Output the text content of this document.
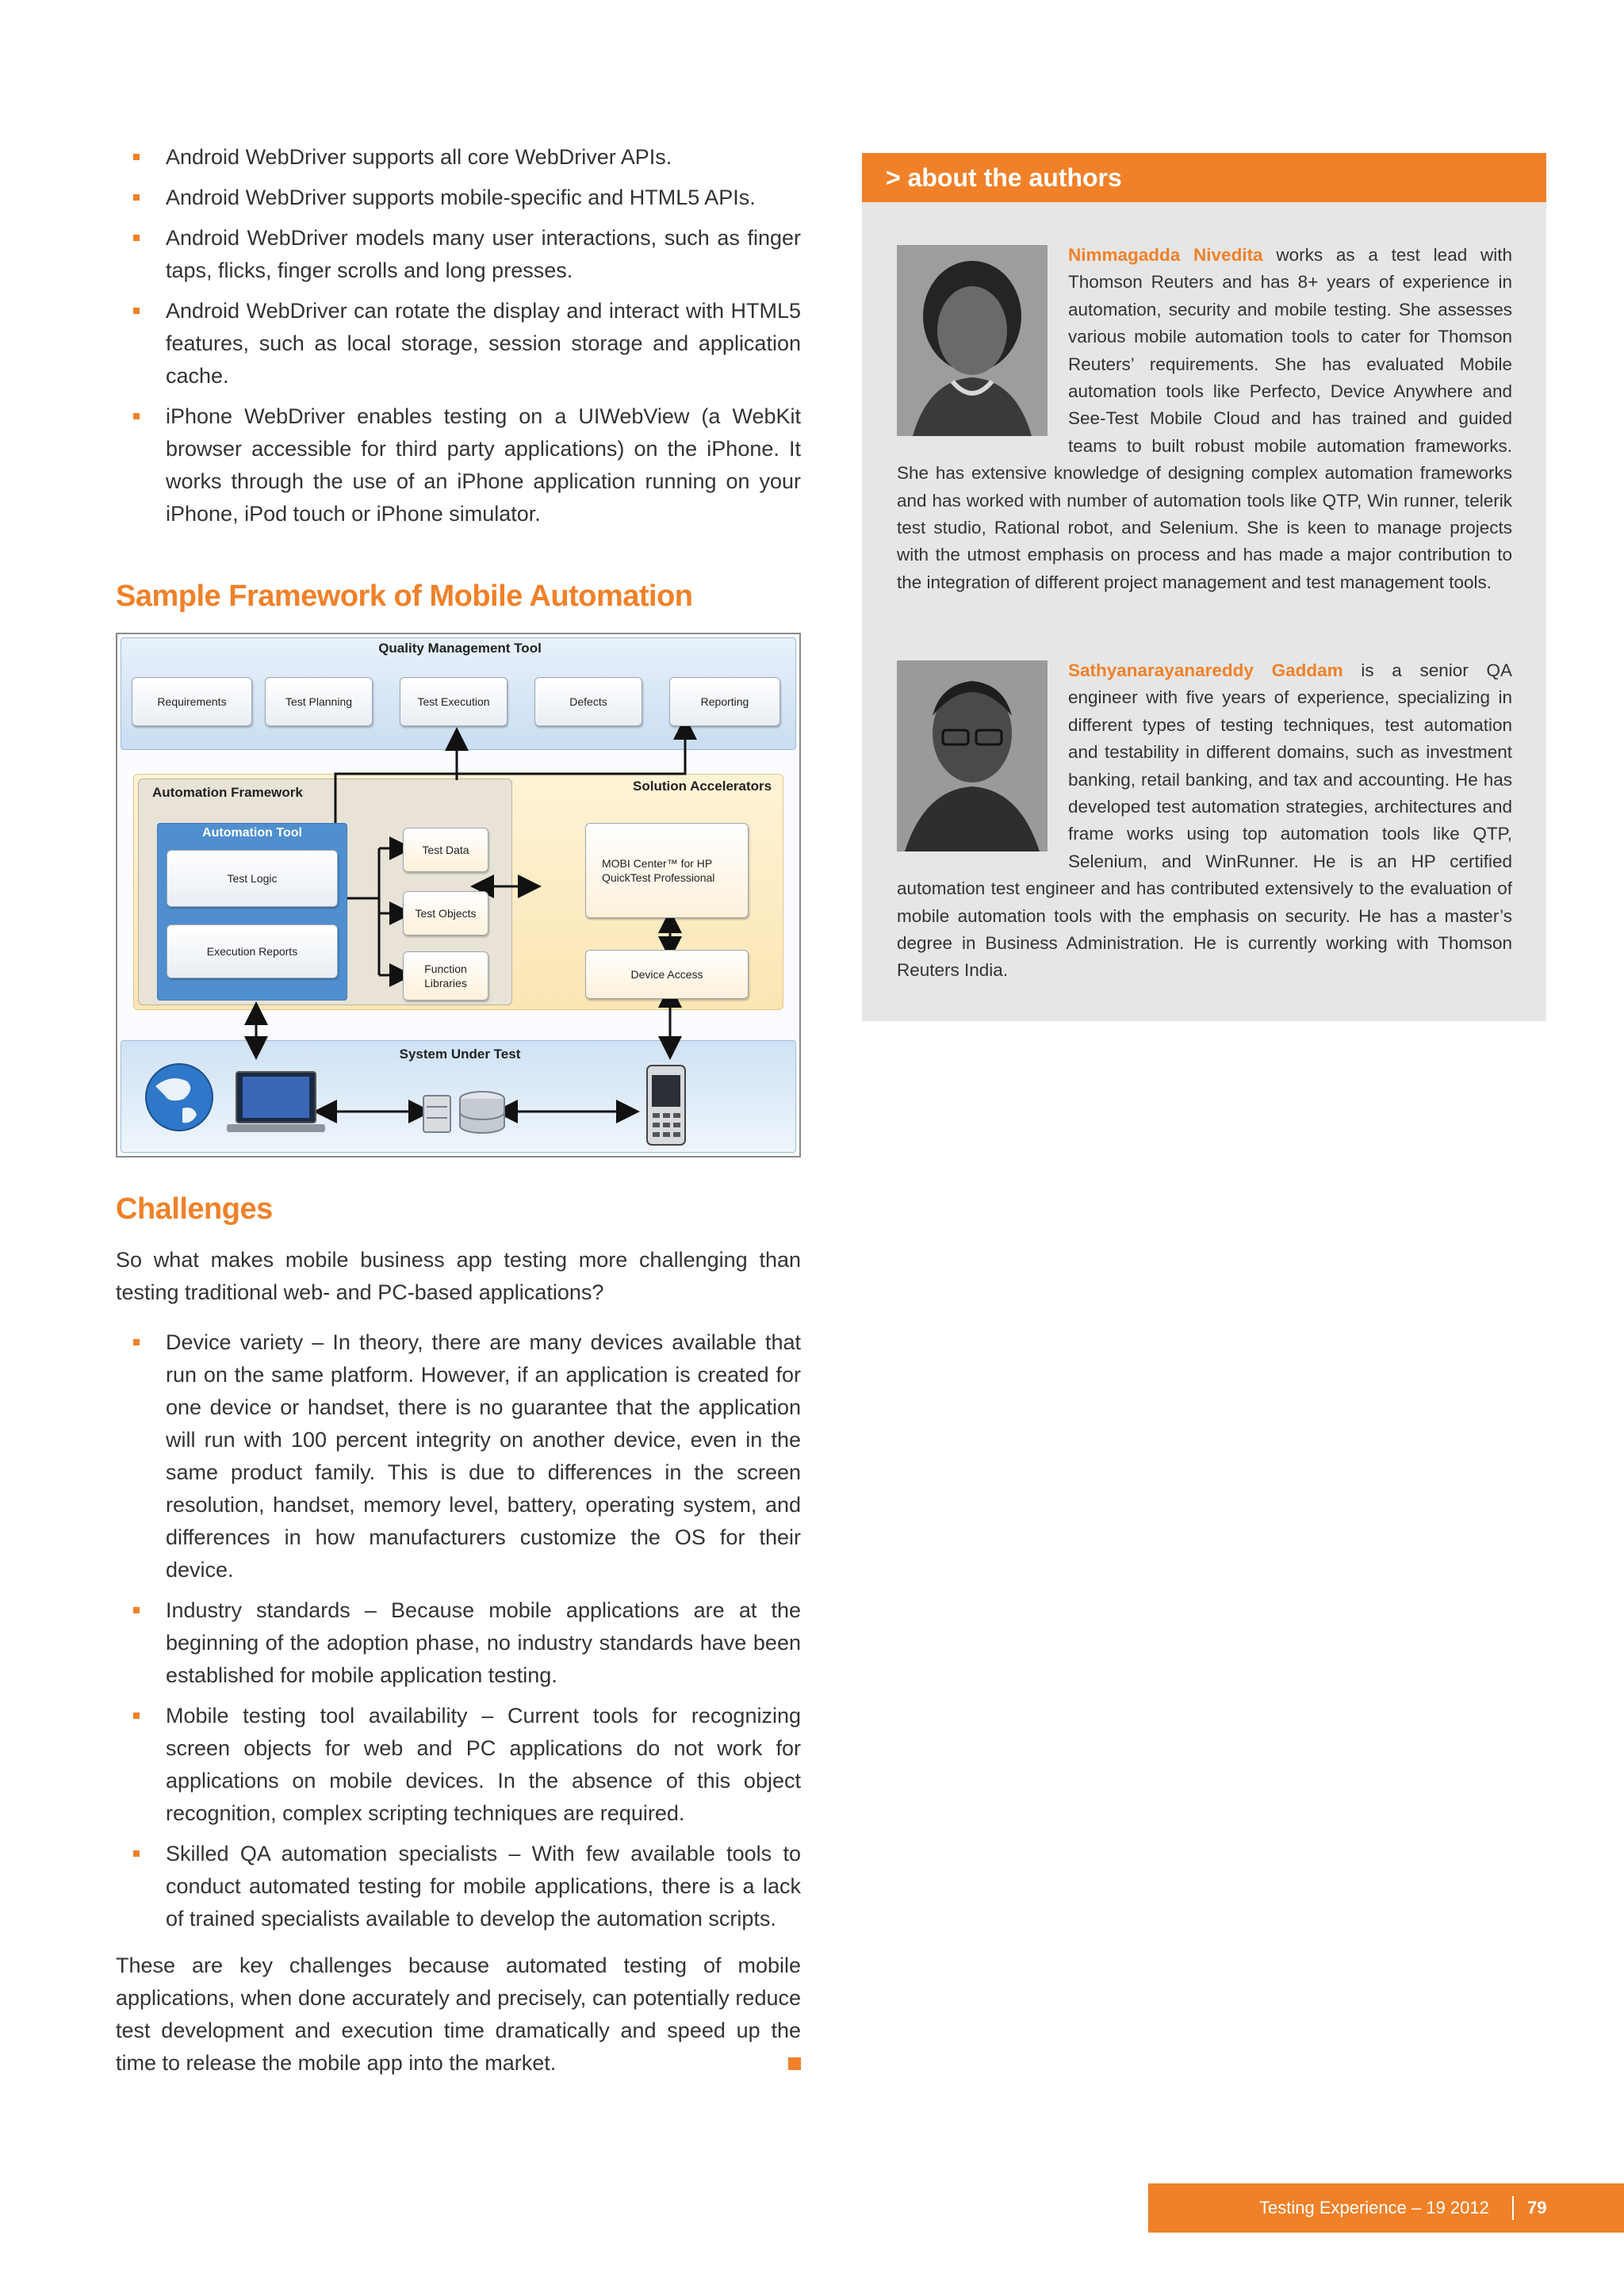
Android WebDriver supports all core WebDriver APIs.
Android WebDriver supports mobile-specific and HTML5 APIs.
Android WebDriver models many user interactions, such as finger taps, flicks, finger scrolls and long presses.
Android WebDriver can rotate the display and interact with HTML5 features, such as local storage, session storage and application cache.
iPhone WebDriver enables testing on a UIWebView (a WebKit browser accessible for third party applications) on the iPhone. It works through the use of an iPhone application running on your iPhone, iPod touch or iPhone simulator.
Sample Framework of Mobile Automation
Quality Management Tool
Requirements	Test Planning	Test Execution	Defects	Reporting
Automation Framework	Solution Accelerators
Automation Tool
Test Logic
Execution Reports
Test Data
Test Objects
Function Libraries
MOBI Center™ for HP QuickTest Professional
Device Access
System Under Test
Challenges

So what makes mobile business app testing more challenging than testing traditional web- and PC-based applications?

Device variety – In theory, there are many devices available that run on the same platform. However, if an application is created for one device or handset, there is no guarantee that the application will run with 100 percent integrity on another device, even in the same product family. This is due to differences in the screen resolution, handset, memory level, battery, operating system, and differences in how manufacturers customize the OS for their device.
Industry standards – Because mobile applications are at the beginning of the adoption phase, no industry standards have been established for mobile application testing.
Mobile testing tool availability – Current tools for recognizing screen objects for web and PC applications do not work for applications on mobile devices. In the absence of this object recognition, complex scripting techniques are required.
Skilled QA automation specialists – With few available tools to conduct automated testing for mobile applications, there is a lack of trained specialists available to develop the automation scripts.

These are key challenges because automated testing of mobile applications, when done accurately and precisely, can potentially reduce test development and execution time dramatically and speed up the time to release the mobile app into the market.

> about the authors
Nimmagadda Nivedita works as a test lead with Thomson Reuters and has 8+ years of experience in automation, security and mobile testing. She assesses various mobile automation tools to cater for Thomson Reuters’ requirements. She has evaluated Mobile automation tools like Perfecto, Device Anywhere and See-Test Mobile Cloud and has trained and guided teams to built robust mobile automation frameworks. She has extensive knowledge of designing complex automation frameworks and has worked with number of automation tools like QTP, Win runner, telerik test studio, Rational robot, and Selenium. She is keen to manage projects with the utmost emphasis on process and has made a major contribution to the integration of different project management and test management tools.
Sathyanarayanareddy Gaddam is a senior QA engineer with five years of experience, specializing in different types of testing techniques, test automation and testability in different domains, such as investment banking, retail banking, and tax and accounting. He has developed test automation strategies, architectures and frame works using top automation tools like QTP, Selenium, and WinRunner. He is an HP certified automation test engineer and has contributed extensively to the evaluation of mobile automation tools with the emphasis on security. He has a master’s degree in Business Administration. He is currently working with Thomson Reuters India.
Testing Experience – 19 2012 79
